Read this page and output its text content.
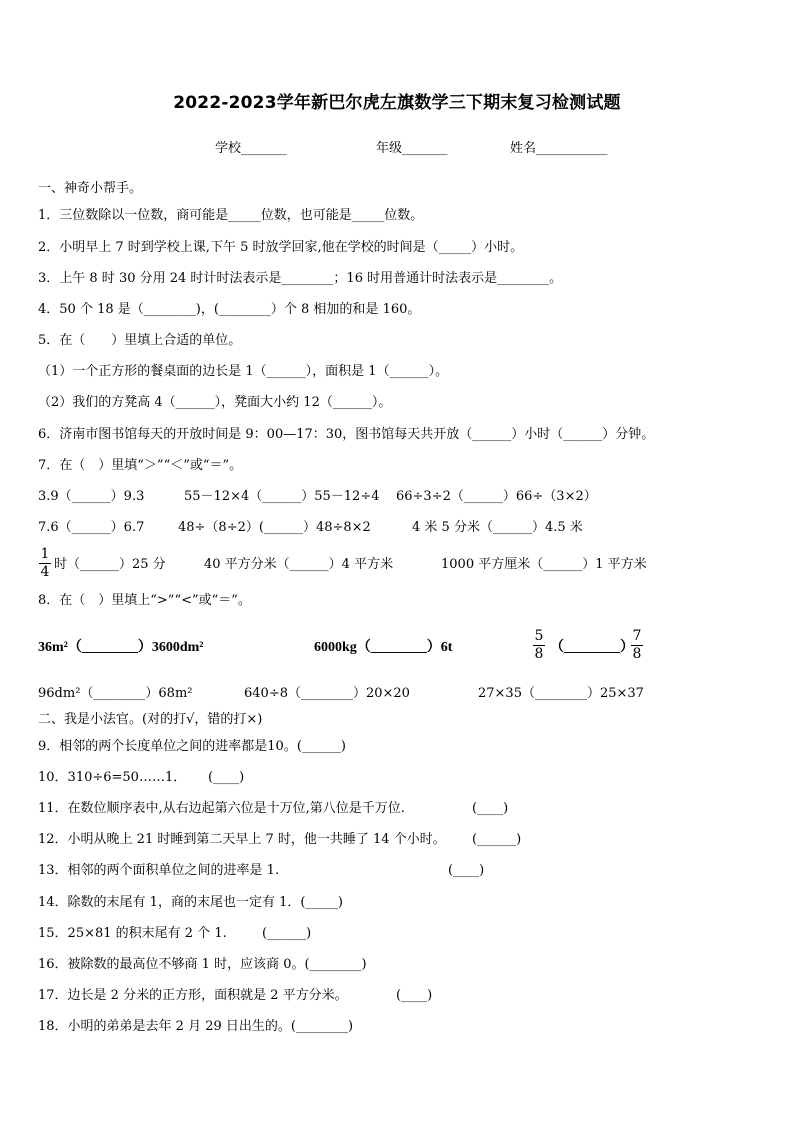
2022-2023学年新巴尔虎左旗数学三下期末复习检测试题
学校_______	年级_______	姓名___________
一、神奇小帮手。
1．三位数除以一位数，商可能是_____位数，也可能是_____位数。
2．小明早上 7 时到学校上课,下午 5 时放学回家,他在学校的时间是（_____）小时。
3．上午 8 时 30 分用 24 时计时法表示是________；16 时用普通计时法表示是________。
4．50 个 18 是（________)，(________）个 8 相加的和是 160。
5．在（　　）里填上合适的单位。
（1）一个正方形的餐桌面的边长是 1（______），面积是 1（______）。
（2）我们的方凳高 4（______），凳面大小约 12（______）。
6．济南市图书馆每天的开放时间是 9：00—17：30，图书馆每天共开放（______）小时（______）分钟。
7．在（　）里填“＞”“＜”或“＝”。
3.9（______）9.3	55－12×4（______）55－12÷4 66÷3÷2（______）66÷（3×2）
7.6（______）6.7	48÷（8÷2）(______）48÷8×2	4 米 5 分米（______）4.5 米
1
4 时（______）25 分	40 平方分米（______）4 平方米	1000 平方厘米（______）1 平方米
8．在（　）里填上“>”“<”或“＝”。
36m²（________）3600dm²	6000kg（________）6t
5
8 （________）
7
8
96dm²（________）68m²	640÷8（________）20×20	27×35（________）25×37
二、我是小法官。(对的打√，错的打×)
9．相邻的两个长度单位之间的进率都是10。(______)
10．310÷6=50……1． (____)
11．在数位顺序表中,从右边起第六位是十万位,第八位是千万位.	(____)
12．小明从晚上 21 时睡到第二天早上 7 时，他一共睡了 14 个小时。 (______)
13．相邻的两个面积单位之间的进率是 1.	(____)
14．除数的末尾有 1，商的末尾也一定有 1．(_____)
15．25×81 的积末尾有 2 个 1.	(______)
16．被除数的最高位不够商 1 时，应该商 0。(________)
17．边长是 2 分米的正方形，面积就是 2 平方分米。	(____)
18．小明的弟弟是去年 2 月 29 日出生的。(________)
